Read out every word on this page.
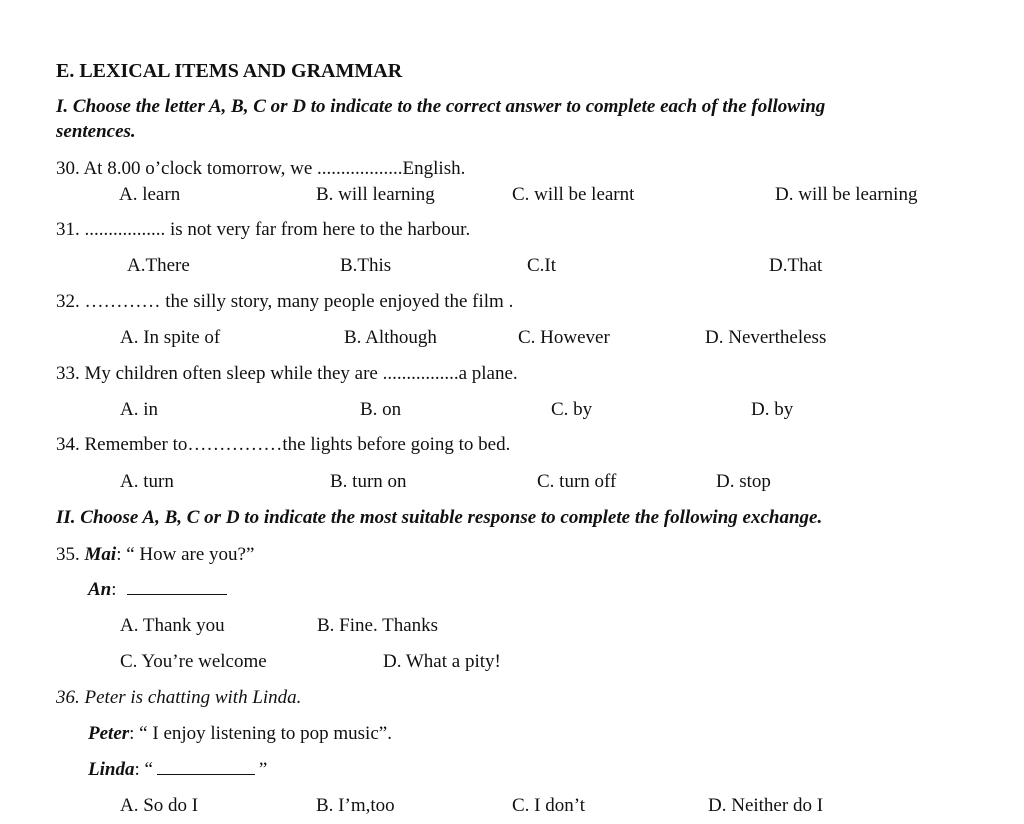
E. LEXICAL ITEMS AND GRAMMAR
I. Choose the letter A, B, C or D to indicate to the correct answer to complete each of the following
sentences.
30. At 8.00 o’clock tomorrow, we ..................English.
A. learn	B. will learning	C. will be learnt	D. will be learning
31. ................. is not very far from here to the harbour.
A.There	B.This	C.It	D.That
32. ………… the silly story, many people enjoyed the film .
A. In spite of	B. Although	C. However	D. Nevertheless
33. My children often sleep while they are ................a plane.
A. in	B. on	C. by	D. by
34. Remember to……………the lights before going to bed.
A. turn	B. turn on	C. turn off	D. stop
II. Choose A, B, C or D to indicate the most suitable response to complete the following exchange.
35. Mai: “ How are you?”
An:
A. Thank you	B. Fine. Thanks
C. You’re welcome	D. What a pity!
36. Peter is chatting with Linda.
Peter: “ I enjoy listening to pop music”.
Linda: “	”
A. So do I	B. I’m,too	C. I don’t	D. Neither do I
